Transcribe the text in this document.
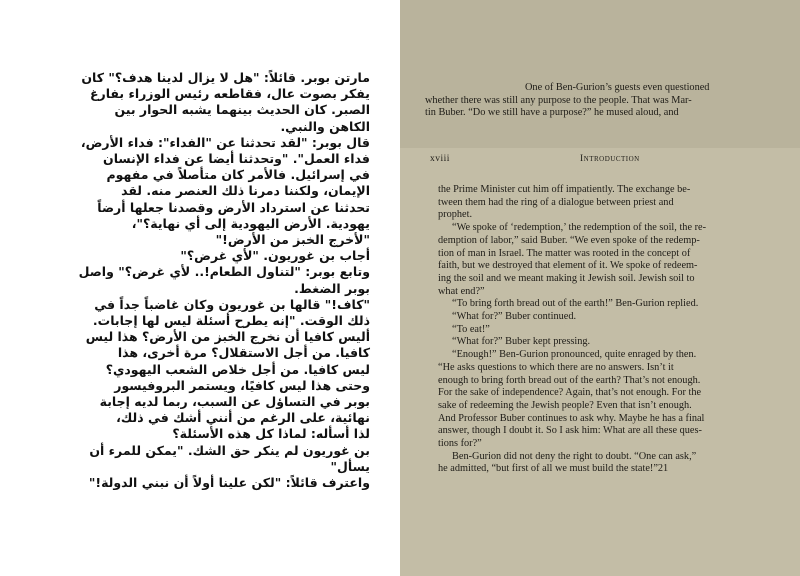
مارتن بوبر. قائلاً: "هل لا يزال لدينا هدف؟" كان

يفكر بصوت عال، فقاطعه رئيس الوزراء بفارغ

الصبر. كان الحديث بينهما يشبه الحوار بين

الكاهن والنبي.

قال بوبر: "لقد تحدثنا عن "الفداء": فداء الأرض،

فداء العمل". "وتحدثنا أيضا عن فداء الإنسان

في إسرائيل. فالأمر كان متأصلاً في مفهوم

الإيمان، ولكننا دمرنا ذلك العنصر منه. لقد

تحدثنا عن استرداد الأرض وقصدنا جعلها أرضاً

يهودية. الأرض اليهودية إلى أي نهاية؟"،

"لأخرج الخبز من الأرض!"

أجاب بن غوريون. "لأي غرض؟"

وتابع بوبر: "لتناول الطعام!.. لأي غرض؟" واصل

بوبر الضغط.

"كاف!" قالها بن غوريون وكان غاضباً جداً في

ذلك الوقت. "إنه يطرح أسئلة ليس لها إجابات.

أليس كافيا أن نخرج الخبز من الأرض؟ هذا ليس

كافيا. من أجل الاستقلال؟ مرة أخرى، هذا

ليس كافيا. من أجل خلاص الشعب اليهودي؟

وحتى هذا ليس كافيًا، ويستمر البروفيسور

بوبر في التساؤل عن السبب، ربما لديه إجابة

نهائية، على الرغم من أنني أشك في ذلك،

لذا أسأله: لماذا كل هذه الأسئلة؟

بن غوريون لم ينكر حق الشك. "يمكن للمرء أن

يسأل"

واعترف قائلاً: "لكن علينا أولاً أن نبني الدولة!"

One of Ben-Gurion’s guests even questioned
whether there was still any purpose to the people. That was Mar-
tin Buber. “Do we still have a purpose?” he mused aloud, and
xviii	Introduction

the Prime Minister cut him off impatiently. The exchange be-

tween them had the ring of a dialogue between priest and

prophet.

“We spoke of ‘redemption,’ the redemption of the soil, the re-

demption of labor,” said Buber. “We even spoke of the redemp-

tion of man in Israel. The matter was rooted in the concept of

faith, but we destroyed that element of it. We spoke of redeem-

ing the soil and we meant making it Jewish soil. Jewish soil to

what end?”

“To bring forth bread out of the earth!” Ben-Gurion replied.

“What for?” Buber continued.

“To eat!”

“What for?” Buber kept pressing.

“Enough!” Ben-Gurion pronounced, quite enraged by then.

“He asks questions to which there are no answers. Isn’t it

enough to bring forth bread out of the earth? That’s not enough.

For the sake of independence? Again, that’s not enough. For the

sake of redeeming the Jewish people? Even that isn’t enough.

And Professor Buber continues to ask why. Maybe he has a final

answer, though I doubt it. So I ask him: What are all these ques-

tions for?”

Ben-Gurion did not deny the right to doubt. “One can ask,”

he admitted, “but first of all we must build the state!”21
